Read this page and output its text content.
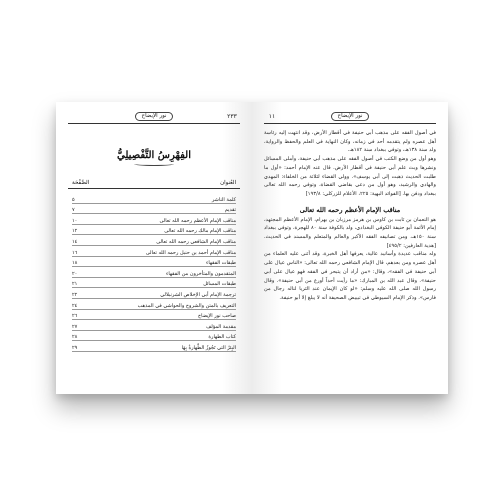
٢٣٣
نور الإيضاح
الفِهْرِسُ التَّفْصِيلِيُّ
العُنوان
الصَّفْحَة
كلمة الناشر
٥
تقديم
٧
مناقب الإمام الأعظم رحمه الله تعالى
١٠
مناقب الإمام مالك رحمه الله تعالى
١٢
مناقب الإمام الشافعي رحمه الله تعالى
١٤
مناقب الإمام أحمد بن حنبل رحمه الله تعالى
١٦
طبقات الفقهاء
١٨
المتقدمون والمتأخرون من الفقهاء
٢٠
طبقات المسائل
٢١
ترجمة الإمام أبي الإخلاص الشرنبلالي
٢٢
التعريف بالمتن والشروح والحواشي في المذهب
٢٤
صاحب نور الإيضاح
٢٦
مقدمة المؤلف
٢٧
كتاب الطهارة
٢٨
البِئرُ التي تَجُوزُ الطَّهارةُ بِهَا
٢٩
نور الإيضاح
١١

في أصول الفقه على مذهب أبي حنيفة في أقطار الأرض، وقد انتهت إليه رئاسة أهل عصره ولم يتقدمه أحد في زمانه، وكان النهاية في العلم والحفظ والرواية، ولد سنة ١٣٨هـ، وتوفي ببغداد سنة ١٨٢هـ.

وهو أول من وضع الكتب في أصول الفقه على مذهب أبي حنيفة، وأملى المسائل ونشرها وبث علم أبي حنيفة في أقطار الأرض. قال عنه الإمام أحمد: «أول ما طلبت الحديث ذهبت إلى أبي يوسف». وولي القضاء لثلاثة من الخلفاء: المهدي والهادي والرشيد، وهو أول من دعي بقاضي القضاة، وتوفي رحمه الله تعالى ببغداد ودفن بها. [الفوائد البهية: ٢٢٥، الأعلام للزركلي: ١٩٣/٨]

مناقب الإمام الأعظم رحمه الله تعالى

هو النعمان بن ثابت بن كاوس بن هرمز مرزبان بن بهرام، الإمام الأعظم المجتهد، إمام الأئمة أبو حنيفة الكوفي البغدادي، ولد بالكوفة سنة ٨٠ للهجرة، وتوفي ببغداد سنة ١٥٠هـ، ومن تصانيفه الفقه الأكبر والعالم والمتعلم والمسند في الحديث. [هدية العارفين: ٤٩٥/٢]

وله مناقب عديدة وأسانيد عالية، يعرفها أهل الخبرة، وقد أثنى عليه العلماء من أهل عصره ومن بعدهم، قال الإمام الشافعي رحمه الله تعالى: «الناس عيال على أبي حنيفة في الفقه»، وقال: «من أراد أن يتبحر في الفقه فهو عيال على أبي حنيفة». وقال عبد الله بن المبارك: «ما رأيت أحداً أورع من أبي حنيفة». وقال رسول الله صلى الله عليه وسلم: «لو كان الإيمان عند الثريا لناله رجال من فارس». وذكر الإمام السيوطي في تبييض الصحيفة أنه لا يبلغ إلا أبو حنيفة.
